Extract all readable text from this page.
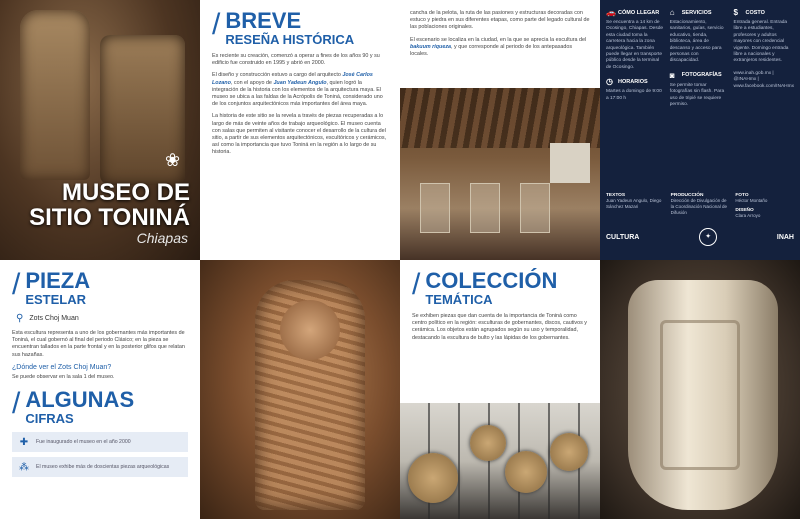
❀
MUSEO DE
SITIO TONINÁ
Chiapas
/ BREVE
RESEÑA HISTÓRICA

Es reciente su creación, comenzó a operar a fines de los años 90 y su edificio fue construido en 1995 y abrió en 2000.

El diseño y construcción estuvo a cargo del arquitecto José Carlos Lozano, con el apoyo de Juan Yadeun Angulo, quien logró la integración de la historia con los elementos de la arquitectura maya. El museo se ubica a las faldas de la Acrópolis de Toniná, considerado uno de los conjuntos arquitectónicos más importantes del área maya.

La historia de este sitio se la revela a través de piezas recuperadas a lo largo de más de veinte años de trabajo arqueológico. El museo cuenta con salas que permiten al visitante conocer el desarrollo de la cultura del sitio, a partir de sus elementos arquitectónicos, escultóricos y cerámicos, así como la importancia que tuvo Toniná en la región a lo largo de su historia.

cancha de la pelota, la ruta de las pasiones y estructuras decoradas con estuco y piedra en sus diferentes etapas, como parte del legado cultural de las poblaciones originales.

El escenario se localiza en la ciudad, en la que se aprecia la escultura del bakuum riqueza, y que corresponde al periodo de los antepasados locales.

🚗 CÓMO LLEGAR
Se encuentra a 14 km de Ocosingo, Chiapas. Desde esta ciudad toma la carretera hacia la zona arqueológica. También puede llegar en transporte público desde la terminal de Ocosingo.
◷ HORARIOS
Martes a domingo de 9:00 a 17:00 h
⌂	SERVICIOS
Estacionamiento, sanitarios, guías, servicio educativo, tienda, biblioteca, área de descanso y acceso para personas con discapacidad.
◙	FOTOGRAFÍAS
Se permite tomar fotografías sin flash. Para uso de tripié se requiere permiso.
$	COSTO
Entrada general. Entrada libre a estudiantes, profesores y adultos mayores con credencial vigente. Domingo entrada libre a nacionales y extranjeros residentes.
www.inah.gob.mx | @INAHmx | www.facebook.com/INAHmx
TEXTOS
Juan Yadeun Angulo, Diego Sánchez Mazari
PRODUCCIÓN
Dirección de Divulgación de la Coordinación Nacional de Difusión
FOTO
Héctor Montaño
DISEÑO
Clara Arroyo
CULTURA	✦	INAH
/ PIEZA
ESTELAR
⚲ Zots Choj Muan

Esta escultura representa a uno de los gobernantes más importantes de Toniná, el cual gobernó al final del periodo Clásico; en la pieza se encuentran tallados en la parte frontal y en la posterior glifos que relatan sus hazañas.

¿Dónde ver el Zots Choj Muan?

Se puede observar en la sala 1 del museo.

/ ALGUNAS
CIFRAS
✚	Fue inaugurado el museo en el año 2000
⁂ El museo exhibe más de doscientas piezas arqueológicas
/ COLECCIÓN
TEMÁTICA

Se exhiben piezas que dan cuenta de la importancia de Toniná como centro político en la región: esculturas de gobernantes, discos, cautivos y cerámica. Los objetos están agrupados según su uso y temporalidad, destacando la escultura de bulto y las lápidas de los gobernantes.
